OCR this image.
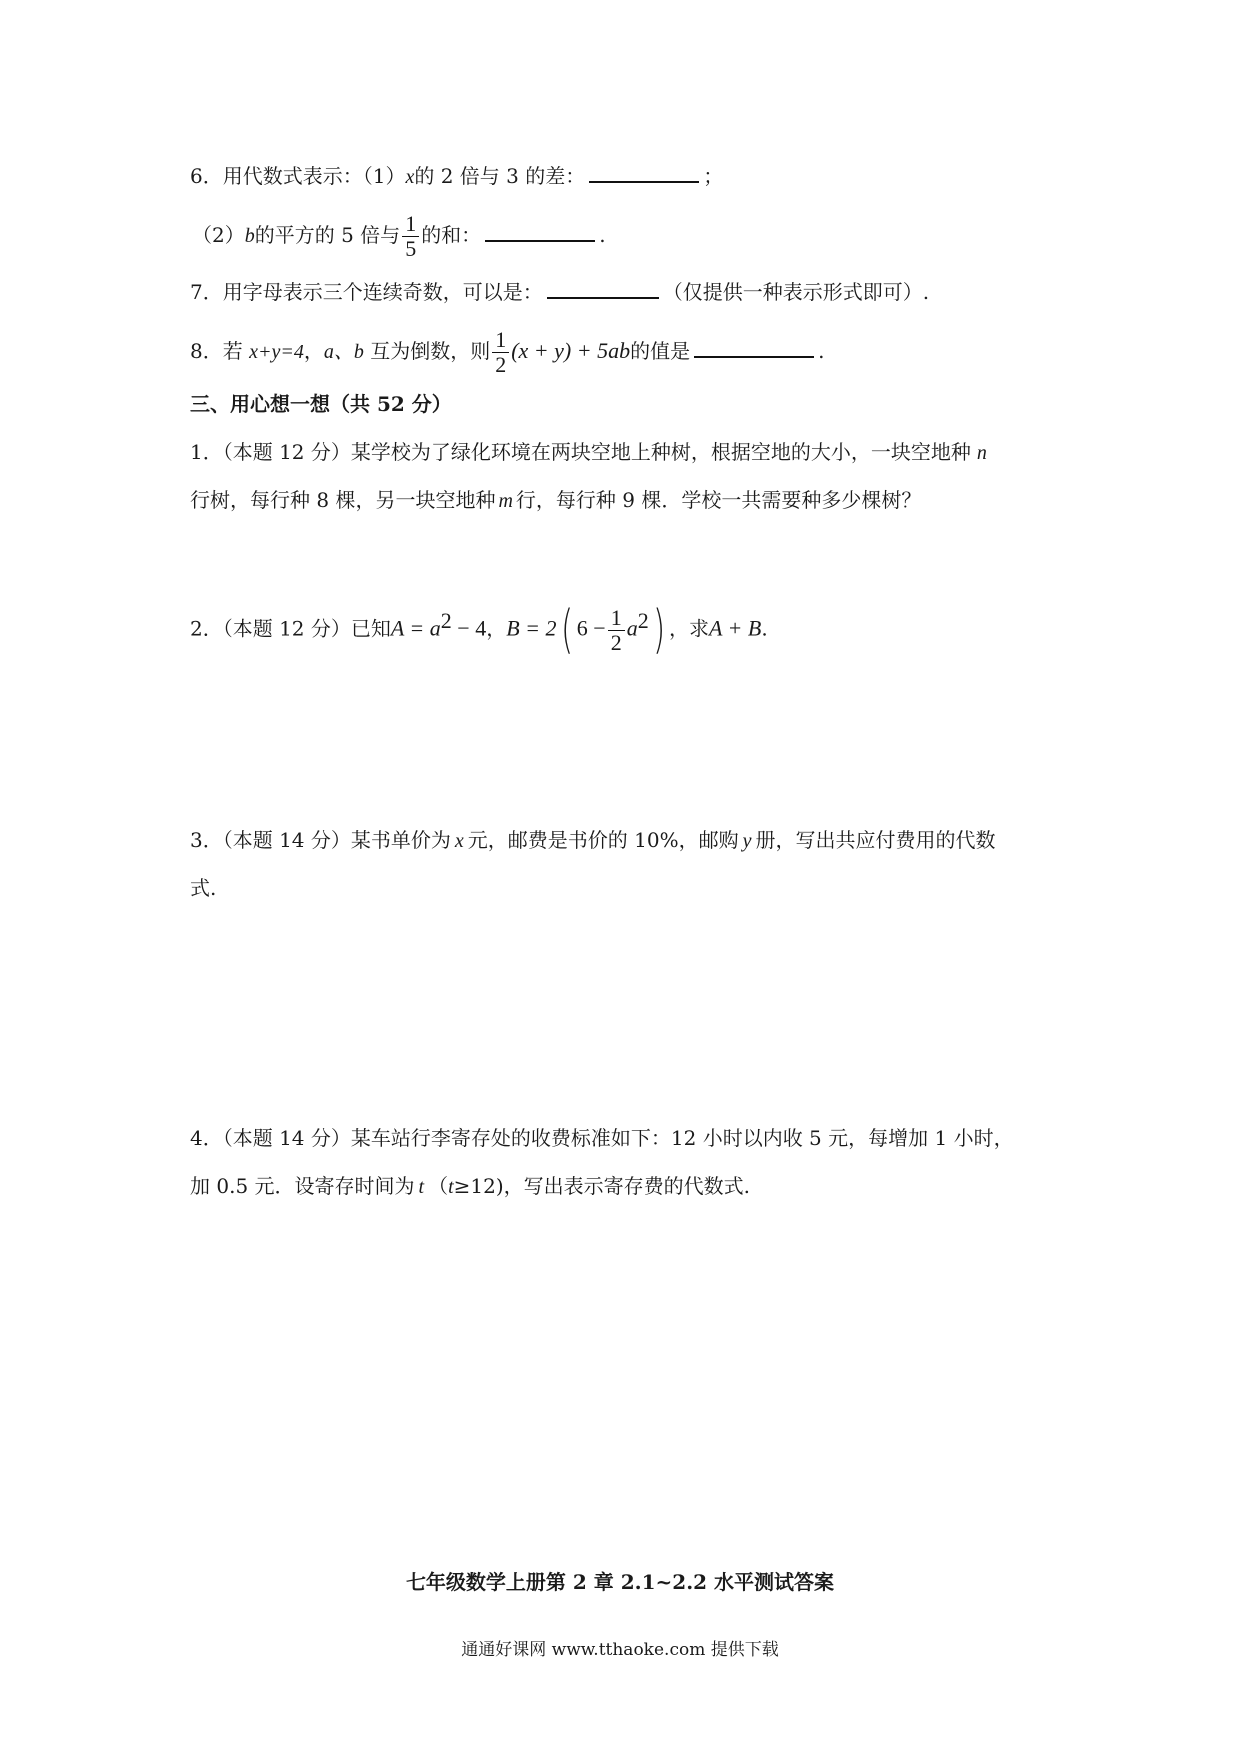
6．用代数式表示：（1）x的 2 倍与 3 的差：	；
（2）b的平方的 5 倍与 $\frac{1}{5}$ 的和：	.
7．用字母表示三个连续奇数，可以是：	（仅提供一种表示形式即可）.
8．若 x+y=4，a、b 互为倒数，则 $\frac{1}{2} (x + y) + 5ab$的值是	.
三、用心想一想（共 52 分）
1．（本题 12 分）某学校为了绿化环境在两块空地上种树，根据空地的大小，一块空地种 n
行树，每行种 8 棵，另一块空地种 m 行，每行种 9 棵．学校一共需要种多少棵树？
2．（本题 12 分）已知$A = a^2 - 4$，B = 2( $6 - \frac{1}{2} a^2$) ，求A + B.
3．（本题 14 分）某书单价为 x 元，邮费是书价的 10%，邮购 y 册，写出共应付费用的代数
式.
4．（本题 14 分）某车站行李寄存处的收费标准如下：12 小时以内收 5 元，每增加 1 小时，
加 0.5 元．设寄存时间为 t （t≥12)，写出表示寄存费的代数式.
七年级数学上册第 2 章 2.1~2.2 水平测试答案
通通好课网 www.tthaoke.com 提供下载
